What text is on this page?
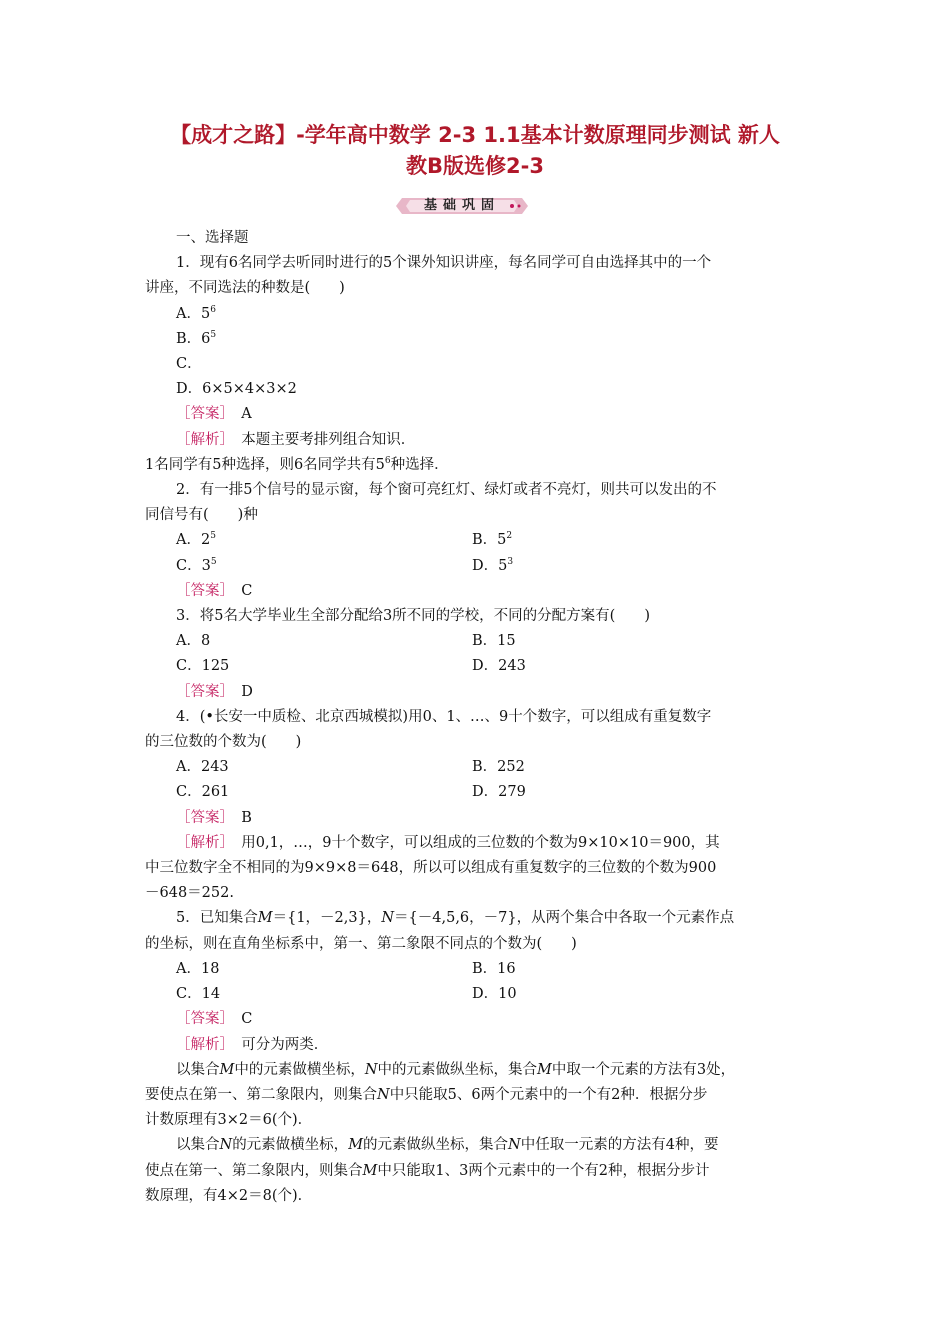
【成才之路】-学年高中数学 2-3 1.1基本计数原理同步测试 新人
教B版选修2-3
基础巩固
一、选择题
1．现有6名同学去听同时进行的5个课外知识讲座，每名同学可自由选择其中的一个
讲座，不同选法的种数是(　　)
A．$5^6$
B．$6^5$
C．
D．6×5×4×3×2
［答案］　 A
［解析］　 本题主要考排列组合知识．
1名同学有5种选择，则6名同学共有$5^6$种选择．
2．有一排5个信号的显示窗，每个窗可亮红灯、绿灯或者不亮灯，则共可以发出的不
同信号有(　　)种
A．$2^5$	B．$5^2$
C．$3^5$	D．$5^3$
［答案］　 C
3．将5名大学毕业生全部分配给3所不同的学校，不同的分配方案有(　　)
A．8	B．15
C．125	D．243
［答案］　 D
4．(•长安一中质检、北京西城模拟)用0、1、…、9十个数字，可以组成有重复数字
的三位数的个数为(　　)
A．243	B．252
C．261	D．279
［答案］　 B
［解析］　 用0,1，…，9十个数字，可以组成的三位数的个数为9×10×10＝900，其
中三位数字全不相同的为9×9×8＝648，所以可以组成有重复数字的三位数的个数为900
－648＝252.
5．已知集合M＝{1，－2,3}，N＝{－4,5,6，－7}，从两个集合中各取一个元素作点
的坐标，则在直角坐标系中，第一、第二象限不同点的个数为(　　)
A．18	B．16
C．14	D．10
［答案］　 C
［解析］　 可分为两类．
以集合M中的元素做横坐标，N中的元素做纵坐标，集合M中取一个元素的方法有3处，
要使点在第一、第二象限内，则集合N中只能取5、6两个元素中的一个有2种．根据分步
计数原理有3×2＝6(个)．
以集合N的元素做横坐标，M的元素做纵坐标，集合N中任取一元素的方法有4种，要
使点在第一、第二象限内，则集合M中只能取1、3两个元素中的一个有2种，根据分步计
数原理，有4×2＝8(个)．
